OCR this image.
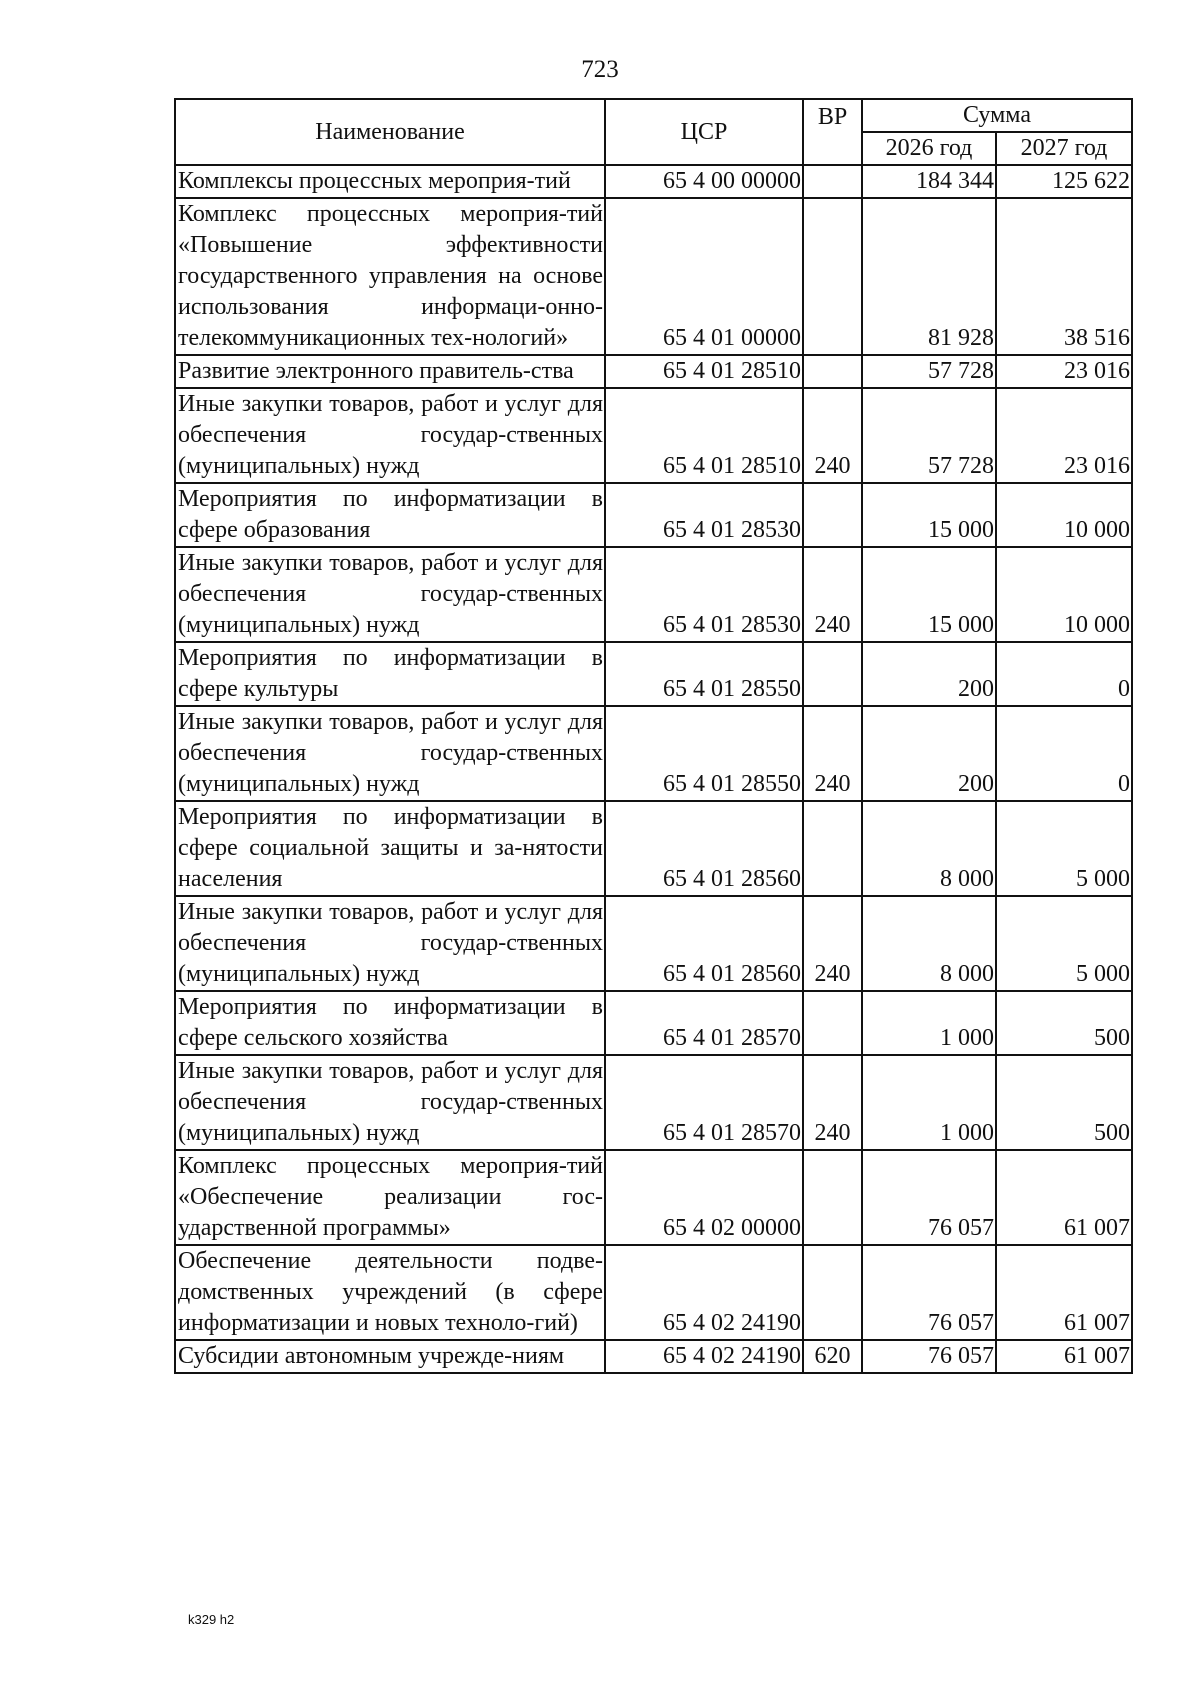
723
Наименование	ЦСР	ВР	Сумма	
			2026 год	2027 год
Комплексы процессных мероприя-тий	65 4 00 00000		184 344	125 622
Комплекс процессных мероприя-тий «Повышение эффективности государственного управления на основе использования информаци-онно-телекоммуникационных тех-нологий»	65 4 01 00000		81 928	38 516
Развитие электронного правитель-ства	65 4 01 28510		57 728	23 016
Иные закупки товаров, работ и услуг для обеспечения государ-ственных (муниципальных) нужд	65 4 01 28510	240	57 728	23 016
Мероприятия по информатизации в сфере образования	65 4 01 28530		15 000	10 000
Иные закупки товаров, работ и услуг для обеспечения государ-ственных (муниципальных) нужд	65 4 01 28530	240	15 000	10 000
Мероприятия по информатизации в сфере культуры	65 4 01 28550		200	0
Иные закупки товаров, работ и услуг для обеспечения государ-ственных (муниципальных) нужд	65 4 01 28550	240	200	0
Мероприятия по информатизации в сфере социальной защиты и за-нятости населения	65 4 01 28560		8 000	5 000
Иные закупки товаров, работ и услуг для обеспечения государ-ственных (муниципальных) нужд	65 4 01 28560	240	8 000	5 000
Мероприятия по информатизации в сфере сельского хозяйства	65 4 01 28570		1 000	500
Иные закупки товаров, работ и услуг для обеспечения государ-ственных (муниципальных) нужд	65 4 01 28570	240	1 000	500
Комплекс процессных мероприя-тий «Обеспечение реализации гос-ударственной программы»	65 4 02 00000		76 057	61 007
Обеспечение деятельности подве-домственных учреждений (в сфере информатизации и новых техноло-гий)	65 4 02 24190		76 057	61 007
Субсидии автономным учрежде-ниям	65 4 02 24190	620	76 057	61 007
k329 h2
